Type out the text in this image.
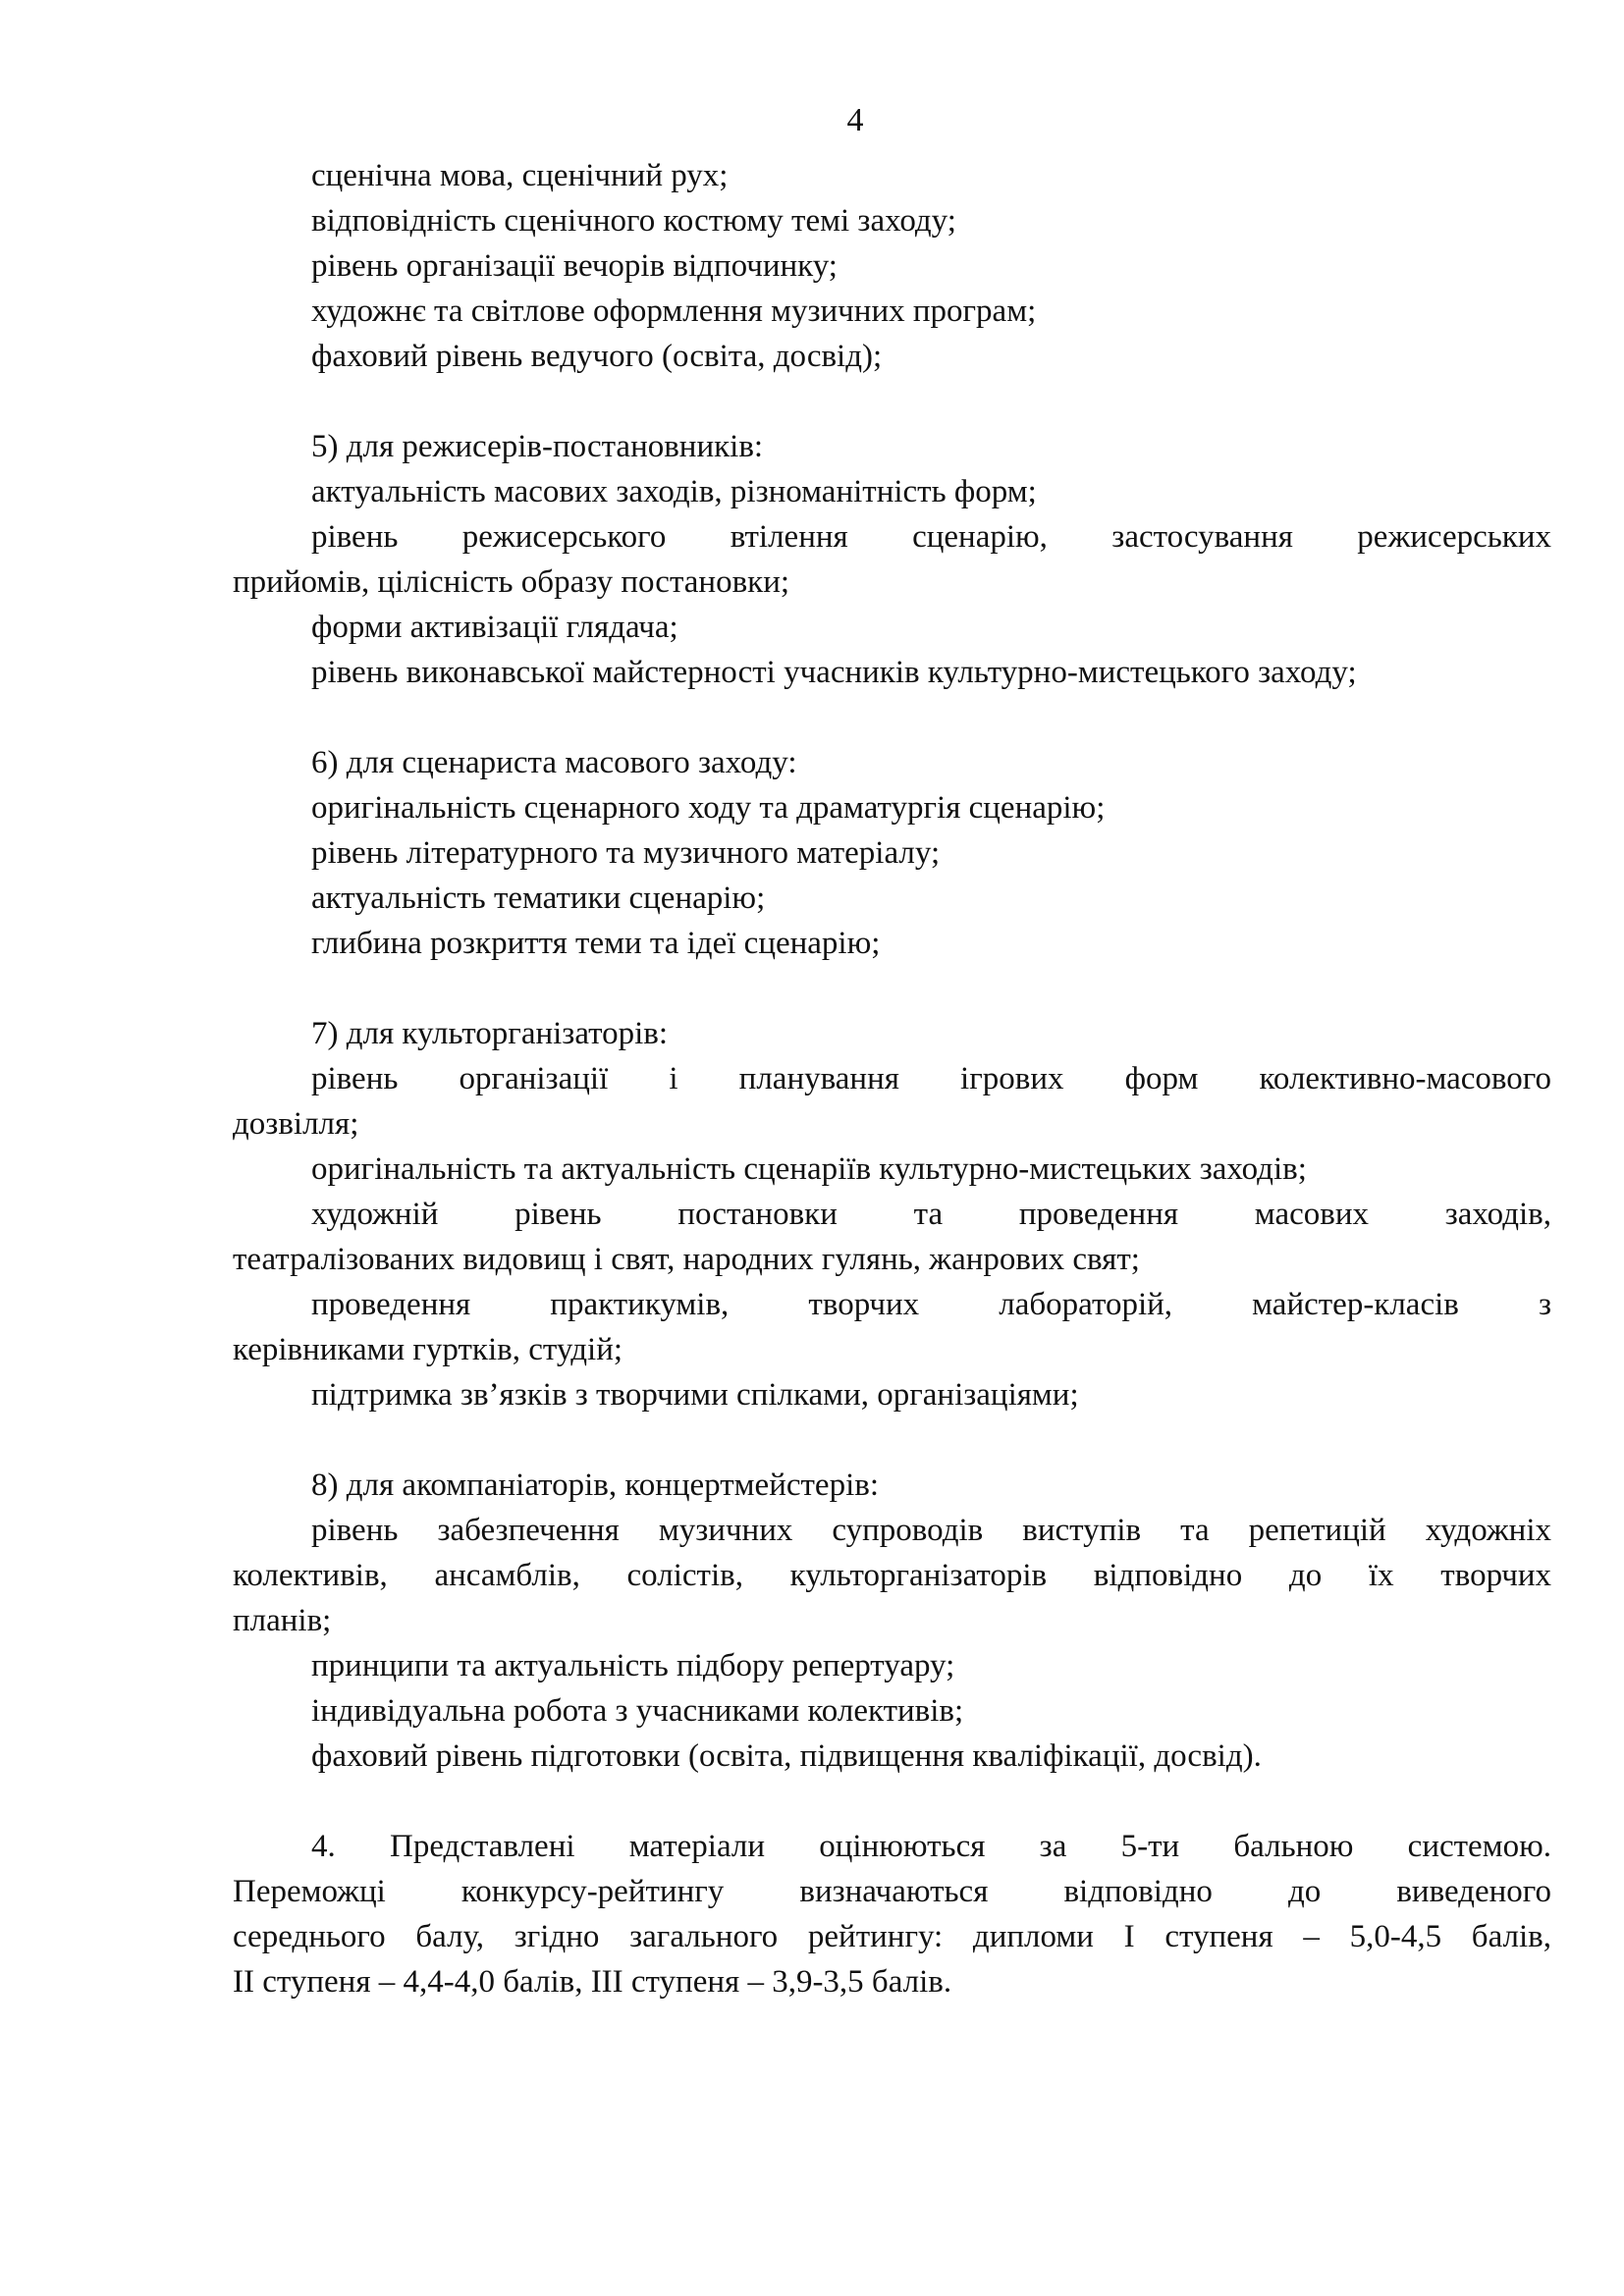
4
сценічна мова, сценічний рух;
відповідність сценічного костюму темі заходу;
рівень організації вечорів відпочинку;
художнє та світлове оформлення музичних програм;
фаховий рівень ведучого (освіта, досвід);
5) для режисерів-постановників:
актуальність масових заходів, різноманітність форм;
рівень режисерського втілення сценарію, застосування режисерських
прийомів, цілісність образу постановки;
форми активізації глядача;
рівень виконавської майстерності учасників культурно-мистецького заходу;
6) для сценариста масового заходу:
оригінальність сценарного ходу та драматургія сценарію;
рівень літературного та музичного матеріалу;
актуальність тематики сценарію;
глибина розкриття теми та ідеї сценарію;
7) для культорганізаторів:
рівень організації і планування ігрових форм колективно-масового
дозвілля;
оригінальність та актуальність сценаріїв культурно-мистецьких заходів;
художній рівень постановки та проведення масових заходів,
театралізованих видовищ і свят, народних гулянь, жанрових свят;
проведення практикумів, творчих лабораторій, майстер-класів з
керівниками гуртків, студій;
підтримка зв’язків з творчими спілками, організаціями;
8) для акомпаніаторів, концертмейстерів:
рівень забезпечення музичних супроводів виступів та репетицій художніх
колективів, ансамблів, солістів, культорганізаторів відповідно до їх творчих
планів;
принципи та актуальність підбору репертуару;
індивідуальна робота з учасниками колективів;
фаховий рівень підготовки (освіта, підвищення кваліфікації, досвід).
4. Представлені матеріали оцінюються за 5-ти бальною системою.
Переможці конкурсу-рейтингу визначаються відповідно до виведеного
середнього балу, згідно загального рейтингу: дипломи І ступеня – 5,0-4,5 балів,
ІІ ступеня – 4,4-4,0 балів, ІІІ ступеня – 3,9-3,5 балів.
